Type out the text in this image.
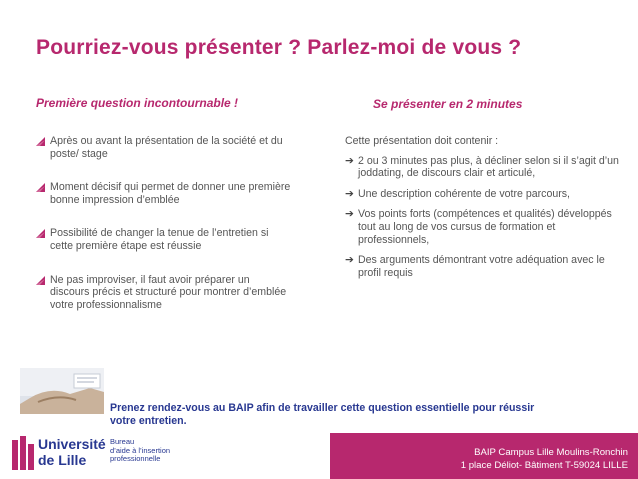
Pourriez-vous présenter ? Parlez-moi de vous ?
Première question incontournable !	Se présenter en 2 minutes
Après ou avant la présentation de la société et du poste/ stage
Moment décisif qui permet de donner une première bonne impression d’emblée
Possibilité de changer la tenue de l’entretien si cette première étape est réussie
Ne pas improviser, il faut avoir préparer un discours précis et structuré pour montrer d’emblée votre professionnalisme
Cette présentation doit contenir :
➔ 2 ou 3 minutes pas plus, à décliner selon si il s’agit d’un joddating, de discours clair et articulé,
➔ Une description cohérente de votre parcours,
➔ Vos points forts (compétences et qualités) développés tout au long de vos cursus de formation et professionnels,
➔ Des arguments démontrant votre adéquation avec le profil requis
Prenez rendez-vous au BAIP afin de travailler cette question essentielle pour réussir votre entretien.
BAIP Campus Lille Moulins-Ronchin
1 place Déliot- Bâtiment T-59024 LILLE
Université
de Lille
Bureau
d’aide à l’insertion
professionnelle
